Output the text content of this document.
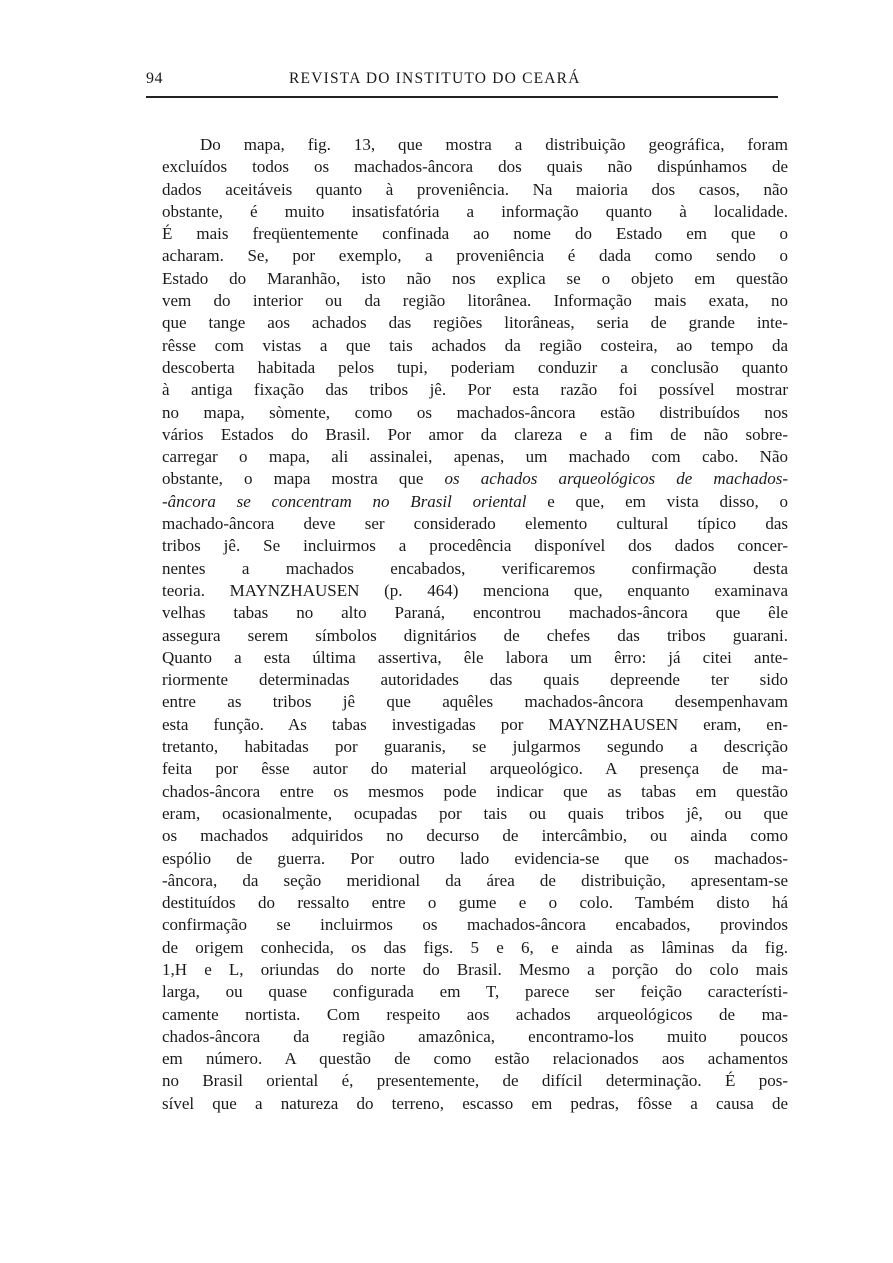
94	REVISTA DO INSTITUTO DO CEARÁ
Do mapa, fig. 13, que mostra a distribuição geográfica, foram
excluídos todos os machados-âncora dos quais não dispúnhamos de
dados aceitáveis quanto à proveniência. Na maioria dos casos, não
obstante, é muito insatisfatória a informação quanto à localidade.
É mais freqüentemente confinada ao nome do Estado em que o
acharam. Se, por exemplo, a proveniência é dada como sendo o
Estado do Maranhão, isto não nos explica se o objeto em questão
vem do interior ou da região litorânea. Informação mais exata, no
que tange aos achados das regiões litorâneas, seria de grande inte-
rêsse com vistas a que tais achados da região costeira, ao tempo da
descoberta habitada pelos tupi, poderiam conduzir a conclusão quanto
à antiga fixação das tribos jê. Por esta razão foi possível mostrar
no mapa, sòmente, como os machados-âncora estão distribuídos nos
vários Estados do Brasil. Por amor da clareza e a fim de não sobre-
carregar o mapa, ali assinalei, apenas, um machado com cabo. Não
obstante, o mapa mostra que os achados arqueológicos de machados-
-âncora se concentram no Brasil oriental e que, em vista disso, o
machado-âncora deve ser considerado elemento cultural típico das
tribos jê. Se incluirmos a procedência disponível dos dados concer-
nentes a machados encabados, verificaremos confirmação desta
teoria. MAYNZHAUSEN (p. 464) menciona que, enquanto examinava
velhas tabas no alto Paraná, encontrou machados-âncora que êle
assegura serem símbolos dignitários de chefes das tribos guarani.
Quanto a esta última assertiva, êle labora um êrro: já citei ante-
riormente determinadas autoridades das quais depreende ter sido
entre as tribos jê que aquêles machados-âncora desempenhavam
esta função. As tabas investigadas por MAYNZHAUSEN eram, en-
tretanto, habitadas por guaranis, se julgarmos segundo a descrição
feita por êsse autor do material arqueológico. A presença de ma-
chados-âncora entre os mesmos pode indicar que as tabas em questão
eram, ocasionalmente, ocupadas por tais ou quais tribos jê, ou que
os machados adquiridos no decurso de intercâmbio, ou ainda como
espólio de guerra. Por outro lado evidencia-se que os machados-
-âncora, da seção meridional da área de distribuição, apresentam-se
destituídos do ressalto entre o gume e o colo. Também disto há
confirmação se incluirmos os machados-âncora encabados, provindos
de origem conhecida, os das figs. 5 e 6, e ainda as lâminas da fig.
1,H e L, oriundas do norte do Brasil. Mesmo a porção do colo mais
larga, ou quase configurada em T, parece ser feição característi-
camente nortista. Com respeito aos achados arqueológicos de ma-
chados-âncora da região amazônica, encontramo-los muito poucos
em número. A questão de como estão relacionados aos achamentos
no Brasil oriental é, presentemente, de difícil determinação. É pos-
sível que a natureza do terreno, escasso em pedras, fôsse a causa de
